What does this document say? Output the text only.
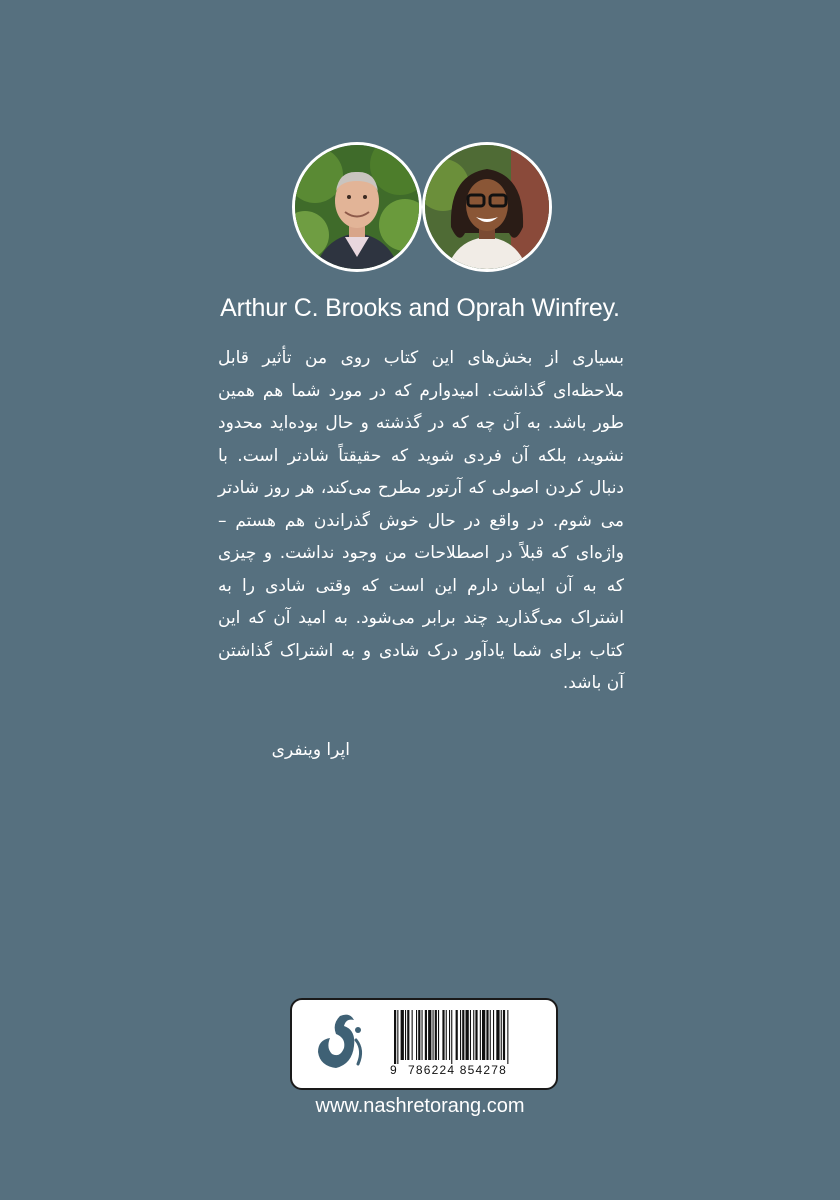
Arthur C. Brooks and Oprah Winfrey.
بسیاری از بخش‌های این کتاب روی من تأثیر قابل ملاحظه‌ای گذاشت. امیدوارم که در مورد شما هم همین طور باشد. به آن چه که در گذشته و حال بوده‌اید محدود نشوید، بلکه آن فردی شوید که حقیقتاً شادتر است. با دنبال کردن اصولی که آرتور مطرح می‌کند، هر روز شادتر می شوم. در واقع در حال خوش گذراندن هم هستم –واژه‌ای که قبلاً در اصطلاحات من وجود نداشت. و چیزی که به آن ایمان دارم این است که وقتی شادی را به اشتراک می‌گذارید چند برابر می‌شود. به امید آن که این کتاب برای شما یادآور درک شادی و به اشتراک گذاشتن آن باشد.
اپرا وینفری
9 786224 854278
www.nashretorang.com
